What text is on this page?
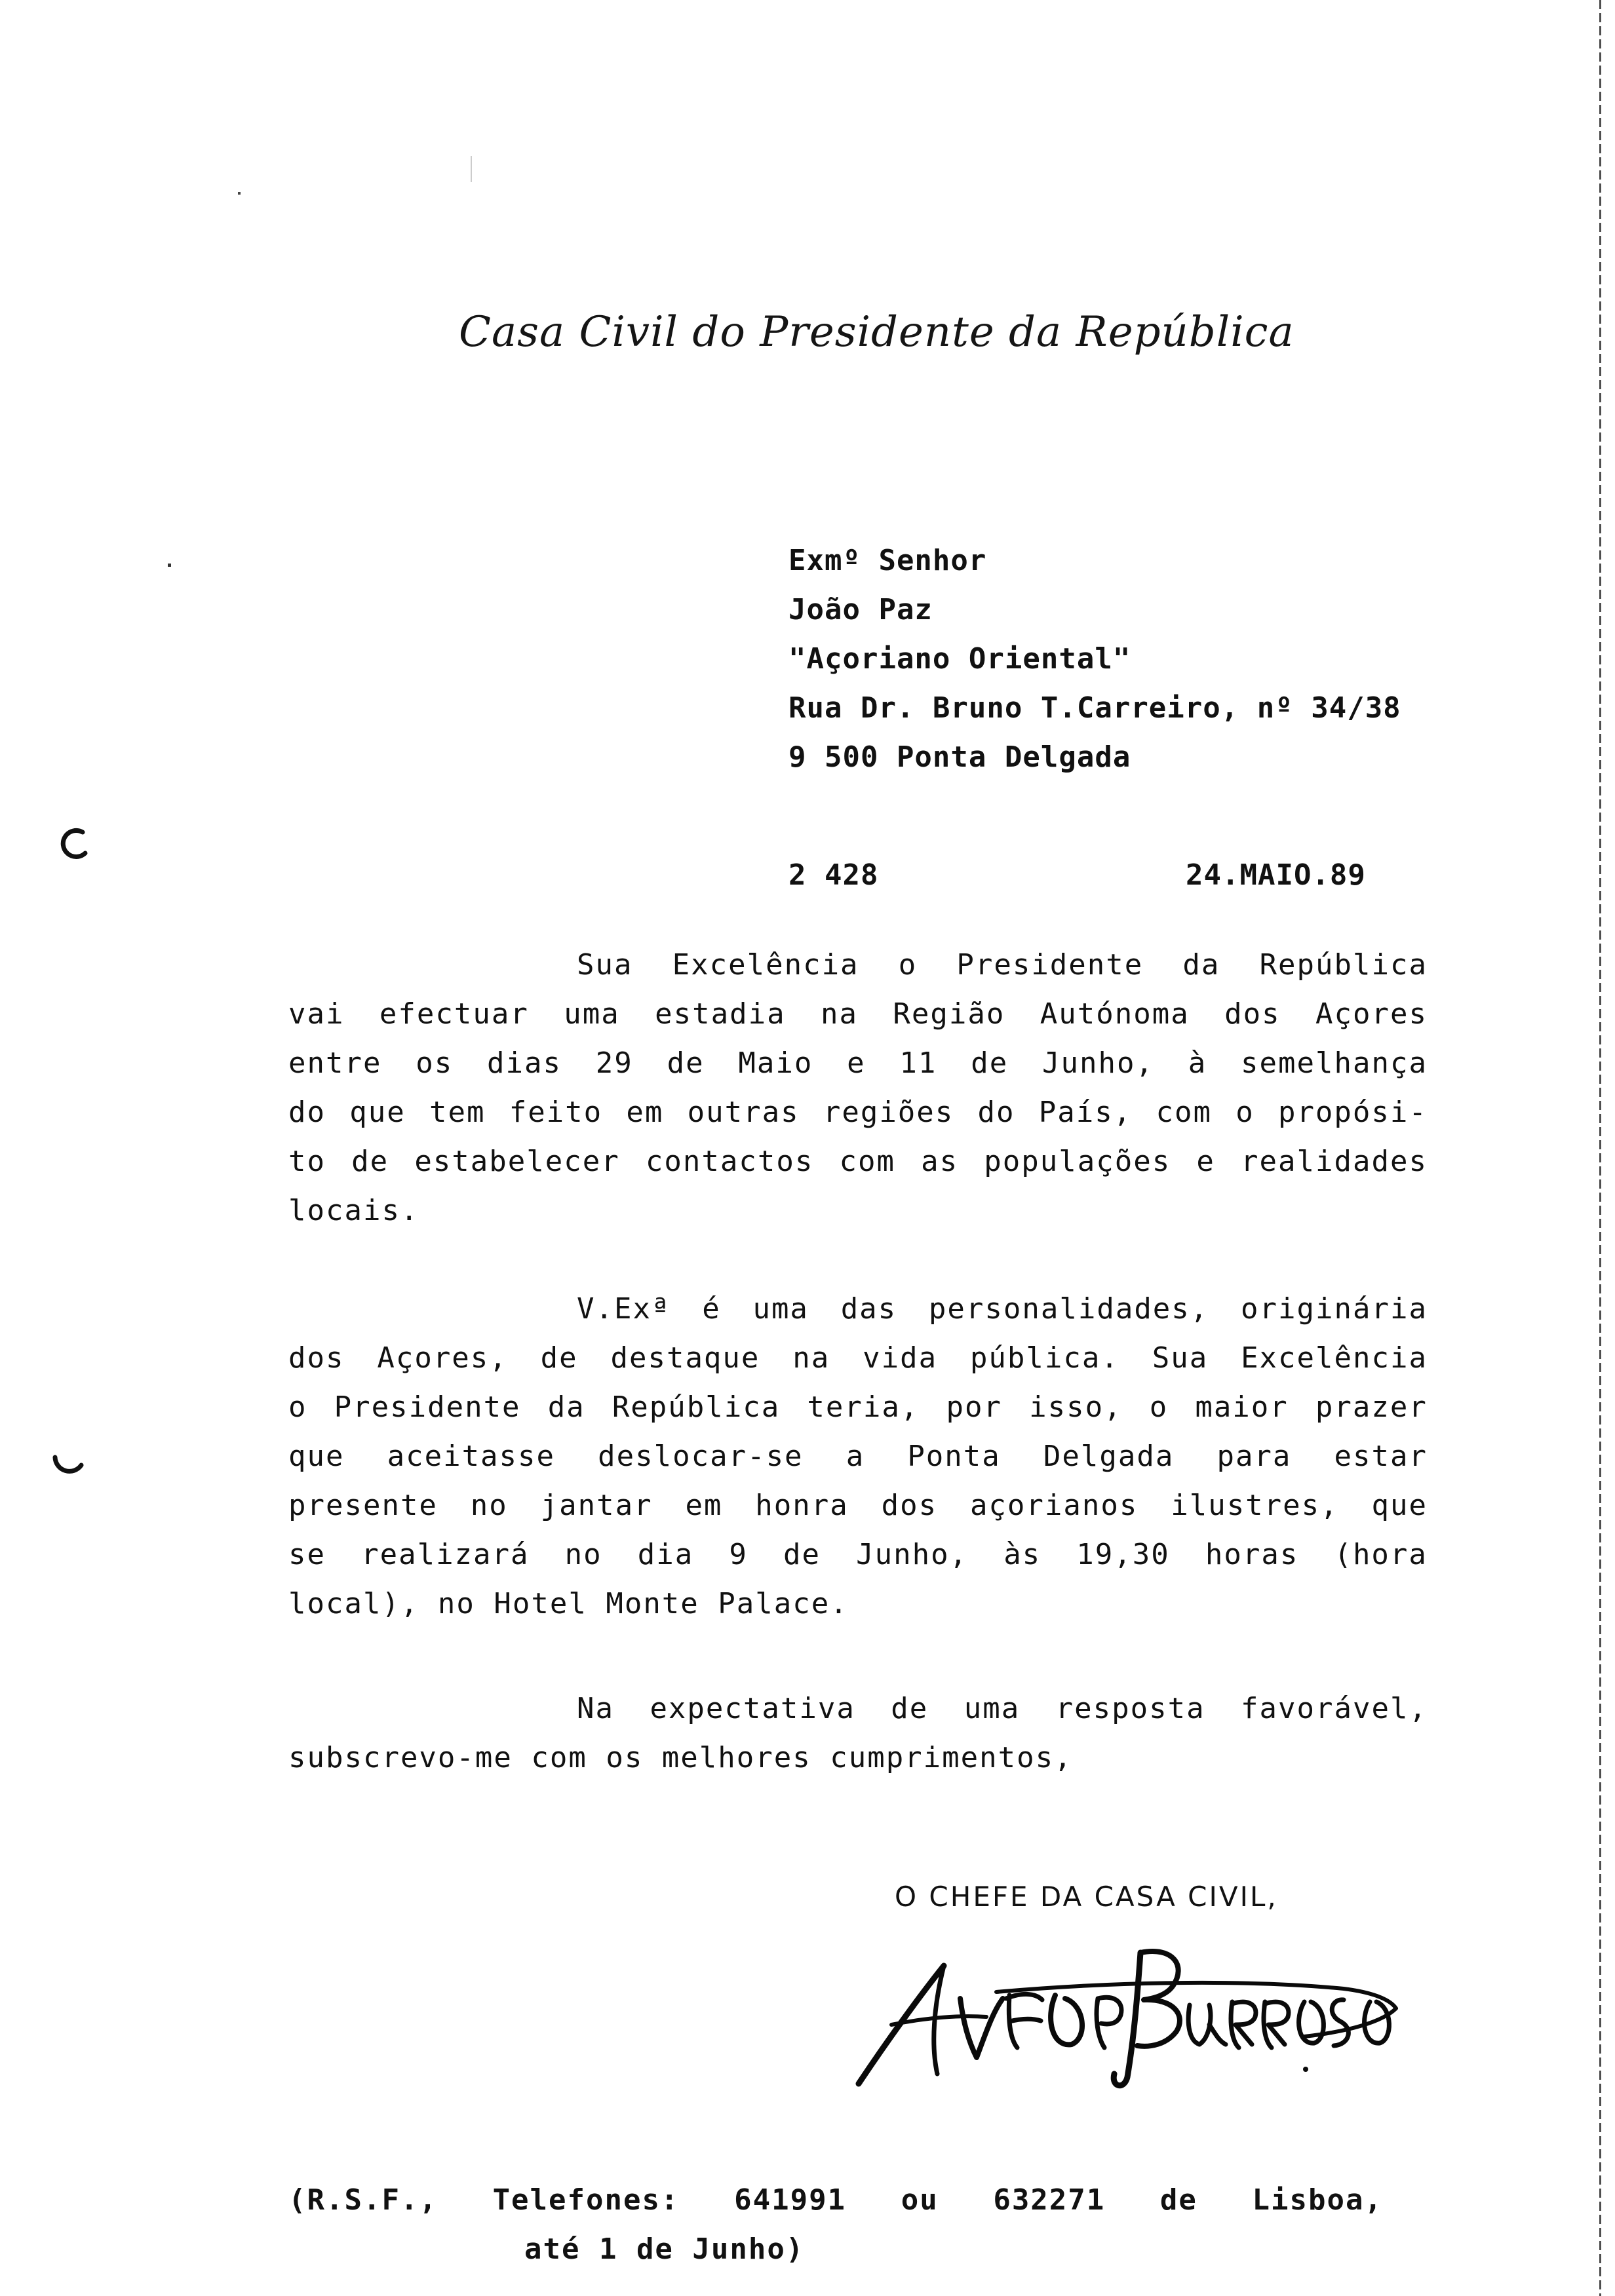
Casa Civil do Presidente da República
Exmº Senhor
João Paz
"Açoriano Oriental"
Rua Dr. Bruno T.Carreiro, nº 34/38
9 500 Ponta Delgada
2 428	24.MAIO.89
Sua Excelência o Presidente da República
vai efectuar uma estadia na Região Autónoma dos Açores
entre os dias 29 de Maio e 11 de Junho, à semelhança
do que tem feito em outras regiões do País, com o propósi-
to de estabelecer contactos com as populações e realidades
locais.
V.Exª é uma das personalidades, originária
dos Açores, de destaque na vida pública. Sua Excelência
o Presidente da República teria, por isso, o maior prazer
que aceitasse deslocar-se a Ponta Delgada para estar
presente no jantar em honra dos açorianos ilustres, que
se realizará no dia 9 de Junho, às 19,30 horas (hora
local), no Hotel Monte Palace.
Na expectativa de uma resposta favorável,
subscrevo-me com os melhores cumprimentos,
O CHEFE DA CASA CIVIL,
(R.S.F., Telefones: 641991 ou 632271 de Lisboa,
até 1 de Junho)
